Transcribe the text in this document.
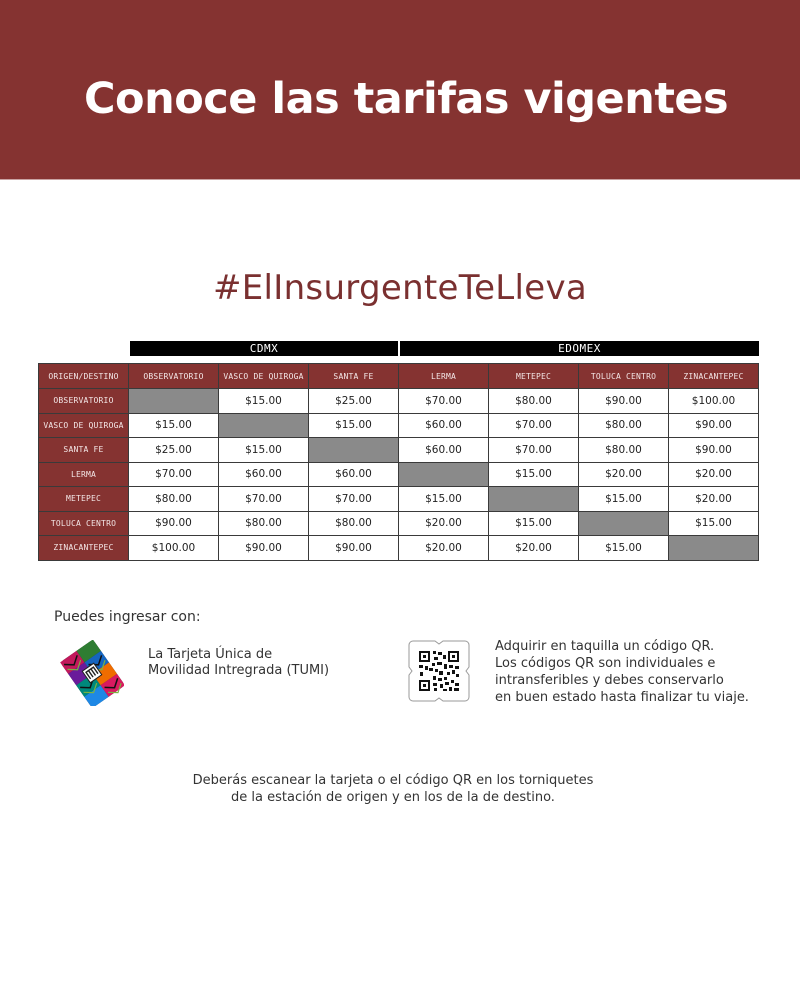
Conoce las tarifas vigentes
#ElInsurgenteTeLleva
CDMX	EDOMEX
ORIGEN/DESTINO	OBSERVATORIO	VASCO DE QUIROGA	SANTA FE	LERMA	METEPEC	TOLUCA CENTRO	ZINACANTEPEC
OBSERVATORIO		$15.00	$25.00	$70.00	$80.00	$90.00	$100.00
VASCO DE QUIROGA	$15.00		$15.00	$60.00	$70.00	$80.00	$90.00
SANTA FE	$25.00	$15.00		$60.00	$70.00	$80.00	$90.00
LERMA	$70.00	$60.00	$60.00		$15.00	$20.00	$20.00
METEPEC	$80.00	$70.00	$70.00	$15.00		$15.00	$20.00
TOLUCA CENTRO	$90.00	$80.00	$80.00	$20.00	$15.00		$15.00
ZINACANTEPEC	$100.00	$90.00	$90.00	$20.00	$20.00	$15.00	
Puedes ingresar con:
La Tarjeta Única de
Movilidad Intregrada (TUMI)
Adquirir en taquilla un código QR.
Los códigos QR son individuales e
intransferibles y debes conservarlo
en buen estado hasta finalizar tu viaje.
Deberás escanear la tarjeta o el código QR en los torniquetes
de la estación de origen y en los de la de destino.
